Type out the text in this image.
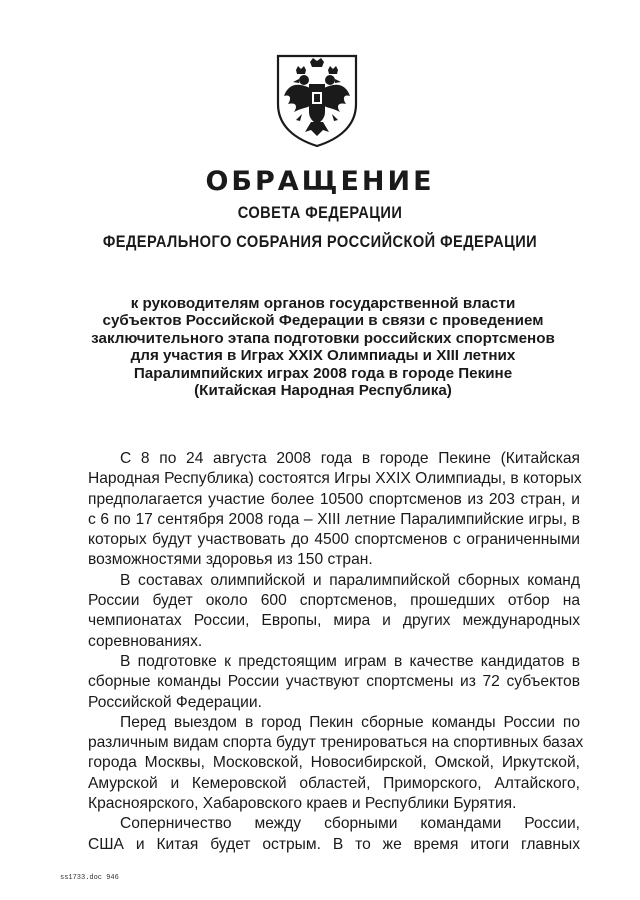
ОБРАЩЕНИЕ
СОВЕТА ФЕДЕРАЦИИ
ФЕДЕРАЛЬНОГО СОБРАНИЯ РОССИЙСКОЙ ФЕДЕРАЦИИ
к руководителям органов государственной власти
субъектов Российской Федерации в связи с проведением
заключительного этапа подготовки российских спортсменов
для участия в Играх XXIX Олимпиады и XIII летних
Паралимпийских играх 2008 года в городе Пекине
(Китайская Народная Республика)

С 8 по 24 августа 2008 года в городе Пекине (Китайская
Народная Республика) состоятся Игры XXIX Олимпиады, в которых
предполагается участие более 10500 спортсменов из 203 стран, и
с 6 по 17 сентября 2008 года – XIII летние Паралимпийские игры, в
которых будут участвовать до 4500 спортсменов с ограниченными
возможностями здоровья из 150 стран.

В составах олимпийской и паралимпийской сборных команд
России будет около 600 спортсменов, прошедших отбор на
чемпионатах России, Европы, мира и других международных
соревнованиях.

В подготовке к предстоящим играм в качестве кандидатов в
сборные команды России участвуют спортсмены из 72 субъектов
Российской Федерации.

Перед выездом в город Пекин сборные команды России по
различным видам спорта будут тренироваться на спортивных базах
города Москвы, Московской, Новосибирской, Омской, Иркутской,
Амурской и Кемеровской областей, Приморского, Алтайского,
Красноярского, Хабаровского краев и Республики Бурятия.

Соперничество между сборными командами России,
США и Китая будет острым. В то же время итоги главных

ss1733.doc 946
